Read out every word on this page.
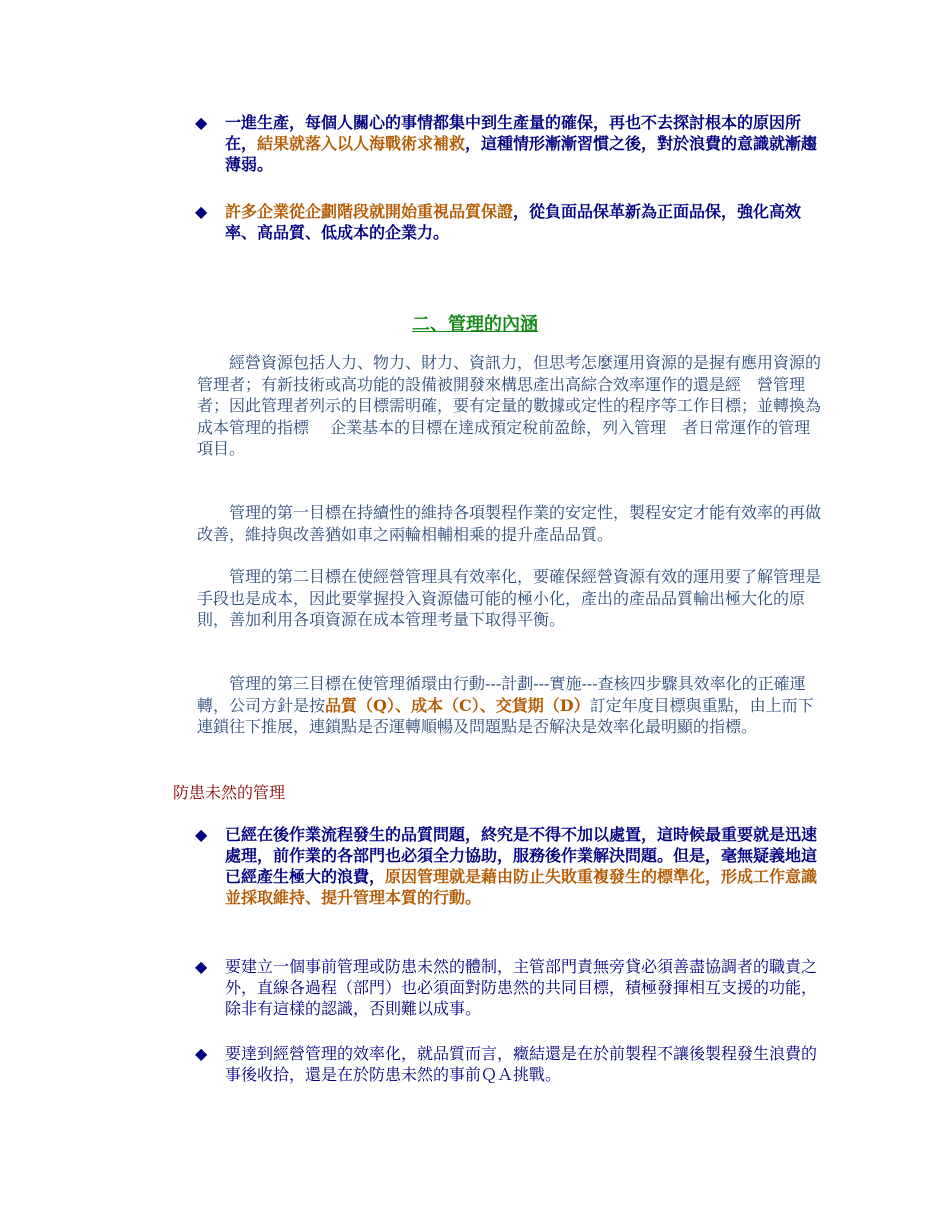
◆ 一進生產，每個人關心的事情都集中到生產量的確保，再也不去探討根本的原因所在，結果就落入以人海戰術求補救，這種情形漸漸習慣之後，對於浪費的意識就漸趨薄弱。
◆ 許多企業從企劃階段就開始重視品質保證，從負面品保革新為正面品保，強化高效率、高品質、低成本的企業力。
二、管理的內涵
　　經營資源包括人力、物力、財力、資訊力，但思考怎麼運用資源的是握有應用資源的管理者；有新技術或高功能的設備被開發來構思產出高綜合效率運作的還是經　營管理者；因此管理者列示的目標需明確，要有定量的數據或定性的程序等工作目標；並轉換為成本管理的指標　 企業基本的目標在達成預定稅前盈餘，列入管理　者日常運作的管理項目。
　　管理的第一目標在持續性的維持各項製程作業的安定性，製程安定才能有效率的再做改善，維持與改善猶如車之兩輪相輔相乘的提升產品品質。
　　管理的第二目標在使經營管理具有效率化，要確保經營資源有效的運用要了解管理是手段也是成本，因此要掌握投入資源儘可能的極小化，產出的產品品質輸出極大化的原則，善加利用各項資源在成本管理考量下取得平衡。
　　管理的第三目標在使管理循環由行動---計劃---實施---查核四步驟具效率化的正確運轉，公司方針是按品質（Q）、成本（C）、交貨期（D）訂定年度目標與重點，由上而下連鎖往下推展，連鎖點是否運轉順暢及問題點是否解決是效率化最明顯的指標。
防患未然的管理
◆ 已經在後作業流程發生的品質問題，終究是不得不加以處置，這時候最重要就是迅速處理，前作業的各部門也必須全力協助，服務後作業解決問題。但是，毫無疑義地這已經產生極大的浪費，原因管理就是藉由防止失敗重複發生的標準化，形成工作意識並採取維持、提升管理本質的行動。
◆ 要建立一個事前管理或防患未然的體制，主管部門責無旁貸必須善盡協調者的職責之外，直線各過程（部門）也必須面對防患然的共同目標，積極發揮相互支援的功能，除非有這樣的認識，否則難以成事。
◆ 要達到經營管理的效率化，就品質而言，癥結還是在於前製程不讓後製程發生浪費的事後收拾，還是在於防患未然的事前ＱＡ挑戰。
